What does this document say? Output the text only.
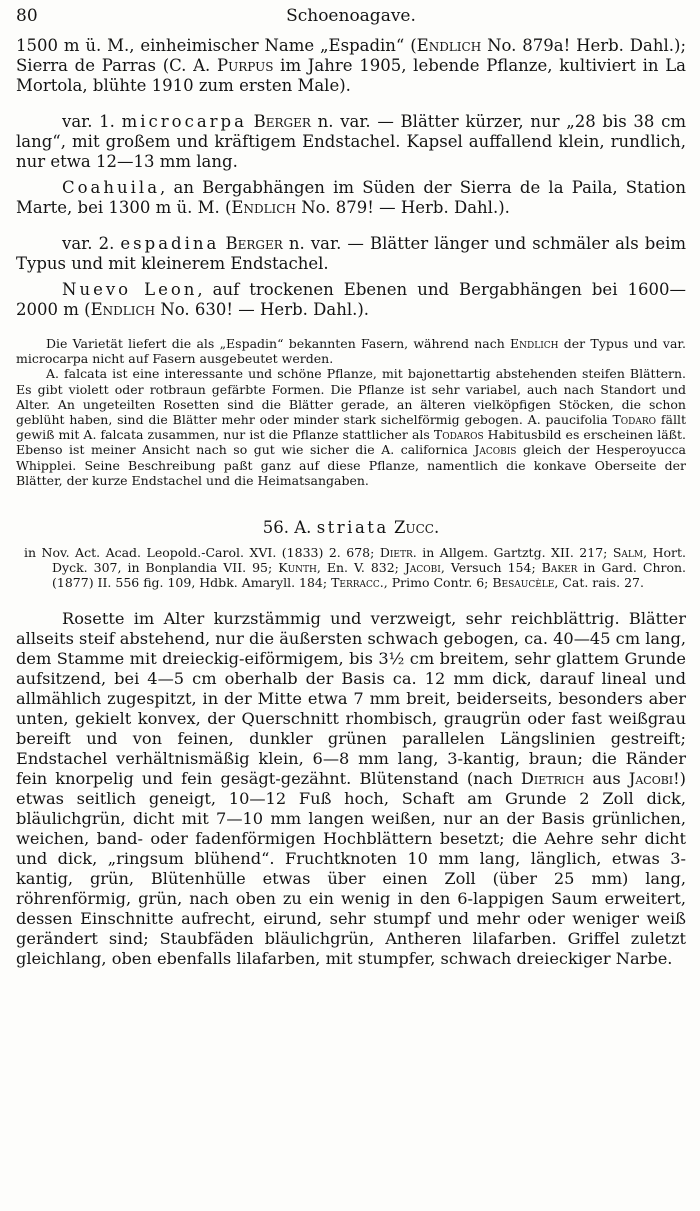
80	Schoenoagave.

1500 m ü. M., einheimischer Name „Espadin“ (Endlich No. 879a! Herb. Dahl.); Sierra de Parras (C. A. Purpus im Jahre 1905, lebende Pflanze, kultiviert in La Mortola, blühte 1910 zum ersten Male).

var. 1. microcarpa Berger n. var. — Blätter kürzer, nur „28 bis 38 cm lang“, mit großem und kräftigem Endstachel. Kapsel auffallend klein, rundlich, nur etwa 12—13 mm lang.

Coahuila, an Bergabhängen im Süden der Sierra de la Paila, Station Marte, bei 1300 m ü. M. (Endlich No. 879! — Herb. Dahl.).

var. 2. espadina Berger n. var. — Blätter länger und schmäler als beim Typus und mit kleinerem Endstachel.

Nuevo Leon, auf trockenen Ebenen und Bergabhängen bei 1600—2000 m (Endlich No. 630! — Herb. Dahl.).

Die Varietät liefert die als „Espadin“ bekannten Fasern, während nach Endlich der Typus und var. microcarpa nicht auf Fasern ausgebeutet werden.

A. falcata ist eine interessante und schöne Pflanze, mit bajonettartig abstehenden steifen Blättern. Es gibt violett oder rotbraun gefärbte Formen. Die Pflanze ist sehr variabel, auch nach Standort und Alter. An ungeteilten Rosetten sind die Blätter gerade, an älteren vielköpfigen Stöcken, die schon geblüht haben, sind die Blätter mehr oder minder stark sichelförmig gebogen. A. paucifolia Todaro fällt gewiß mit A. falcata zusammen, nur ist die Pflanze stattlicher als Todaros Habitusbild es erscheinen läßt. Ebenso ist meiner Ansicht nach so gut wie sicher die A. californica Jacobis gleich der Hesperoyucca Whipplei. Seine Beschreibung paßt ganz auf diese Pflanze, namentlich die konkave Oberseite der Blätter, der kurze Endstachel und die Heimatsangaben.

56. A. striata Zucc.

in Nov. Act. Acad. Leopold.-Carol. XVI. (1833) 2. 678; Dietr. in Allgem. Gartztg. XII. 217; Salm, Hort. Dyck. 307, in Bonplandia VII. 95; Kunth, En. V. 832; Jacobi, Versuch 154; Baker in Gard. Chron. (1877) II. 556 fig. 109, Hdbk. Amaryll. 184; Terracc., Primo Contr. 6; Besaucèle, Cat. rais. 27.

Rosette im Alter kurzstämmig und verzweigt, sehr reichblättrig. Blätter allseits steif abstehend, nur die äußersten schwach gebogen, ca. 40—45 cm lang, dem Stamme mit dreieckig-eiförmigem, bis 3½ cm breitem, sehr glattem Grunde aufsitzend, bei 4—5 cm oberhalb der Basis ca. 12 mm dick, darauf lineal und allmählich zugespitzt, in der Mitte etwa 7 mm breit, beiderseits, besonders aber unten, gekielt konvex, der Querschnitt rhombisch, graugrün oder fast weißgrau bereift und von feinen, dunkler grünen parallelen Längslinien gestreift; Endstachel verhältnismäßig klein, 6—8 mm lang, 3-kantig, braun; die Ränder fein knorpelig und fein gesägt-gezähnt. Blütenstand (nach Dietrich aus Jacobi!) etwas seitlich geneigt, 10—12 Fuß hoch, Schaft am Grunde 2 Zoll dick, bläulichgrün, dicht mit 7—10 mm langen weißen, nur an der Basis grünlichen, weichen, band- oder fadenförmigen Hochblättern besetzt; die Aehre sehr dicht und dick, „ringsum blühend“. Fruchtknoten 10 mm lang, länglich, etwas 3-kantig, grün, Blütenhülle etwas über einen Zoll (über 25 mm) lang, röhrenförmig, grün, nach oben zu ein wenig in den 6-lappigen Saum erweitert, dessen Einschnitte aufrecht, eirund, sehr stumpf und mehr oder weniger weiß gerändert sind; Staubfäden bläulichgrün, Antheren lilafarben. Griffel zuletzt gleichlang, oben ebenfalls lilafarben, mit stumpfer, schwach dreieckiger Narbe.
